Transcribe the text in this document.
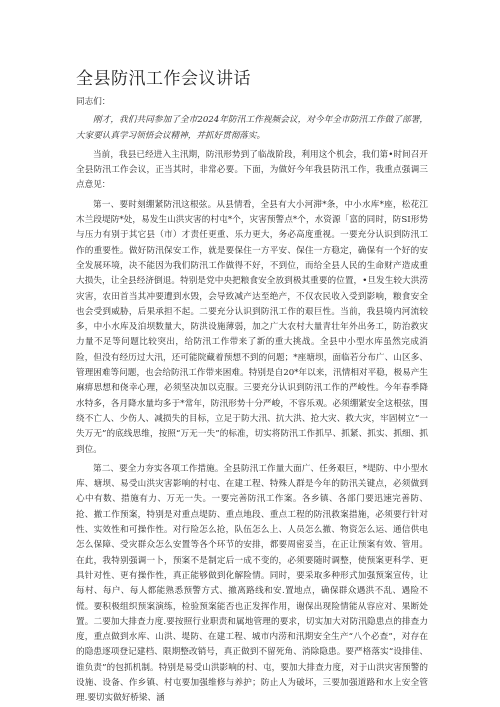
全县防汛工作会议讲话

同志们：

刚才，我们共同参加了全市2024年防汛工作视频会议，对今年全市防汛工作做了部署，大家要认真学习领悟会议精神，并抓好贯彻落实。

当前，我县已经进入主汛期，防汛形势到了临战阶段，利用这个机会，我们第•时间召开全县防汛工作会议，正当其时，非常必要。下面，为做好今年我县防汛工作，我重点强调三点意见：

第一、要时刻绷紧防汛这根弦。从县情看，全县有大小河滞*条，中小水库*座，松花江木兰段堤防*处，易发生山洪灾害的村屯*个，灾害预警点*个，水资源「富的同时，防SI形势与压力有别于其它县（市）才责任更重、乐力更大，务必高度重视。一要充分认识到防汛工作的重要性。做好防汛保安工作，就是要保住一方平安、保住一方稳定，确保有一个好的安全发展环境，决不能因为我们防汛工作做得不好，不到位，而给全县人民的生命财产造成重大损失，让全县经济倒退。特别是党中央把粮食安全放到极其重要的位置，•旦发生较大洪涝灾害，农田首当其冲要遭到水毁，会导致减产达至绝产，不仅农民收入受到影响，粮食安全也会受到威胁，后果承担不起。二要充分认识到防汛工作的艰巨性。当前，我县境内河流较多，中小水库及泊坝数量大，防洪设施薄弱，加之广大农村大量青壮年外出务工，防治救灾力量不足等问题比较突出，给防汛工作带来了新的重大挑战。全县中小型水库虽然完成消险，但没有经历过大汛，还可能院藏着预想不到的问题；*座塘坝，面临若分布广、山区多、管理困难等问题，也会给防汛工作带来困难。特别是自20*年以来，汛情相对平稳，极易产生麻痹思想和侥幸心理，必须坚决加以克服。三要充分认识到防汛工作的严峻性。今年春季降水特多，各月降水量均多于*常年，防汛形势十分严峻，不容乐观。必须绷紧安全这根弦，围绕不亡人、少伤人、减损失的目标，立足于防大汛、抗大洪、抢大灾、救大灾，牢固树立“一失万无”的底线思维，按照“万无一失”的标准，切实将防汛工作抓早、抓紧、抓实、抓细、抓到位。

第二、要全力夯实各项工作措施。全县防汛工作量大面广、任务艰巨，*堤防、中小型水库、塘坝、易受山洪灾害影响的村屯、在建工程、特殊人群是今年的防汛关键点，必须做到心中有数、措施有力、万无一失。一要完善防汛工作案。各乡镇、各部门要迅速完善防、抢、撤工作预案，特别是对重点堤防、重点地段、重点工程的防汛救案措施，必须要行针对性、实效性和可操作性。对行险怎么抢，队伍怎么上、人员怎么撤、物资怎么运、通信供电怎么保障、受灾群众怎么安置等各个环节的安排，都要周密妥当，在正让预案有效、管用。在此，我特别强调一卜，预案不是制定后一成不变的，必须要随时调整，使预案更科学、更具针对性、更有操作性，真正能够做到化解险情。同时，要采取多种形式加强预案宣传，让每村、每户、每人都能熟悉预警方式、撤离路线和安.置地点，确保群众遇洪不乱、遇险不慌。要积极组织预案演练，检验预案能否也正发挥作用，谢保出现险情能从容应对、果断处置。二要加大排查力度.要按照行业职责和属地管理的要求，切实加大对防汛隐患点的排查力度，重点做到水库、山洪、堤防、在建工程、城市内涝和汛期安全生产“八个必查”，对存在的隐患逐项登记建档、限期整改销号，真正做到不留死角、消除隐患。要严格落实“设排佳、谁负责”的包抓机制。特别是易受山洪影响的村、屯，要加大排查力度，对于山洪灾害预警的设施、设备、作乡镇、村屯要加强维修与养护；防止人为破坏，三要加强道路和水上安全管理.要切实做好桥梁、涵
